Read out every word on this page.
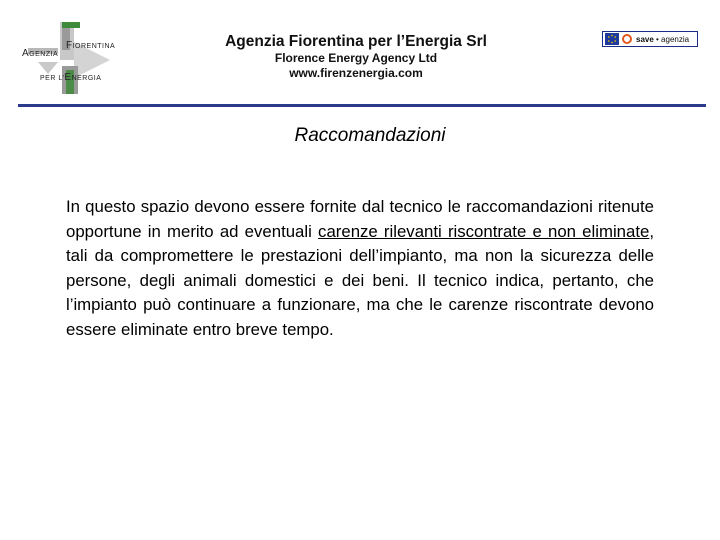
AGENZIA
FIORENTINA
PER L’ENERGIA
Agenzia Fiorentina per l’Energia Srl
Florence Energy Agency Ltd
www.firenzenergia.com
save • agenzia
Raccomandazioni
In questo spazio devono essere fornite dal tecnico le raccomandazioni ritenute opportune in merito ad eventuali carenze rilevanti riscontrate e non eliminate, tali da compromettere le prestazioni dell’impianto, ma non la sicurezza delle persone, degli animali domestici e dei beni. Il tecnico indica, pertanto, che l’impianto può continuare a funzionare, ma che le carenze riscontrate devono essere eliminate entro breve tempo.
